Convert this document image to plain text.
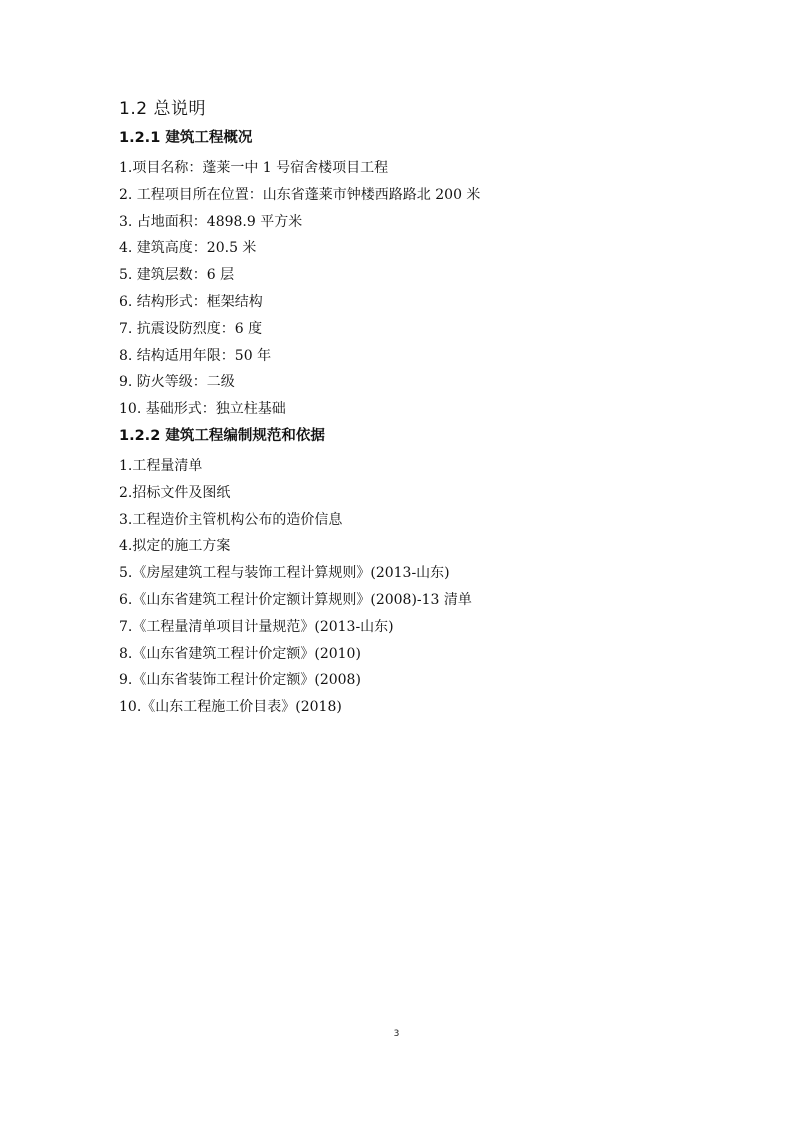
1.2 总说明
1.2.1 建筑工程概况
1.项目名称：蓬莱一中 1 号宿舍楼项目工程
2. 工程项目所在位置：山东省蓬莱市钟楼西路路北 200 米
3. 占地面积：4898.9 平方米
4. 建筑高度：20.5 米
5. 建筑层数：6 层
6. 结构形式：框架结构
7. 抗震设防烈度：6 度
8. 结构适用年限：50 年
9. 防火等级：二级
10. 基础形式：独立柱基础
1.2.2 建筑工程编制规范和依据
1.工程量清单
2.招标文件及图纸
3.工程造价主管机构公布的造价信息
4.拟定的施工方案
5.《房屋建筑工程与装饰工程计算规则》(2013-山东)
6.《山东省建筑工程计价定额计算规则》(2008)-13 清单
7.《工程量清单项目计量规范》(2013-山东)
8.《山东省建筑工程计价定额》(2010)
9.《山东省装饰工程计价定额》(2008)
10.《山东工程施工价目表》(2018)
3
